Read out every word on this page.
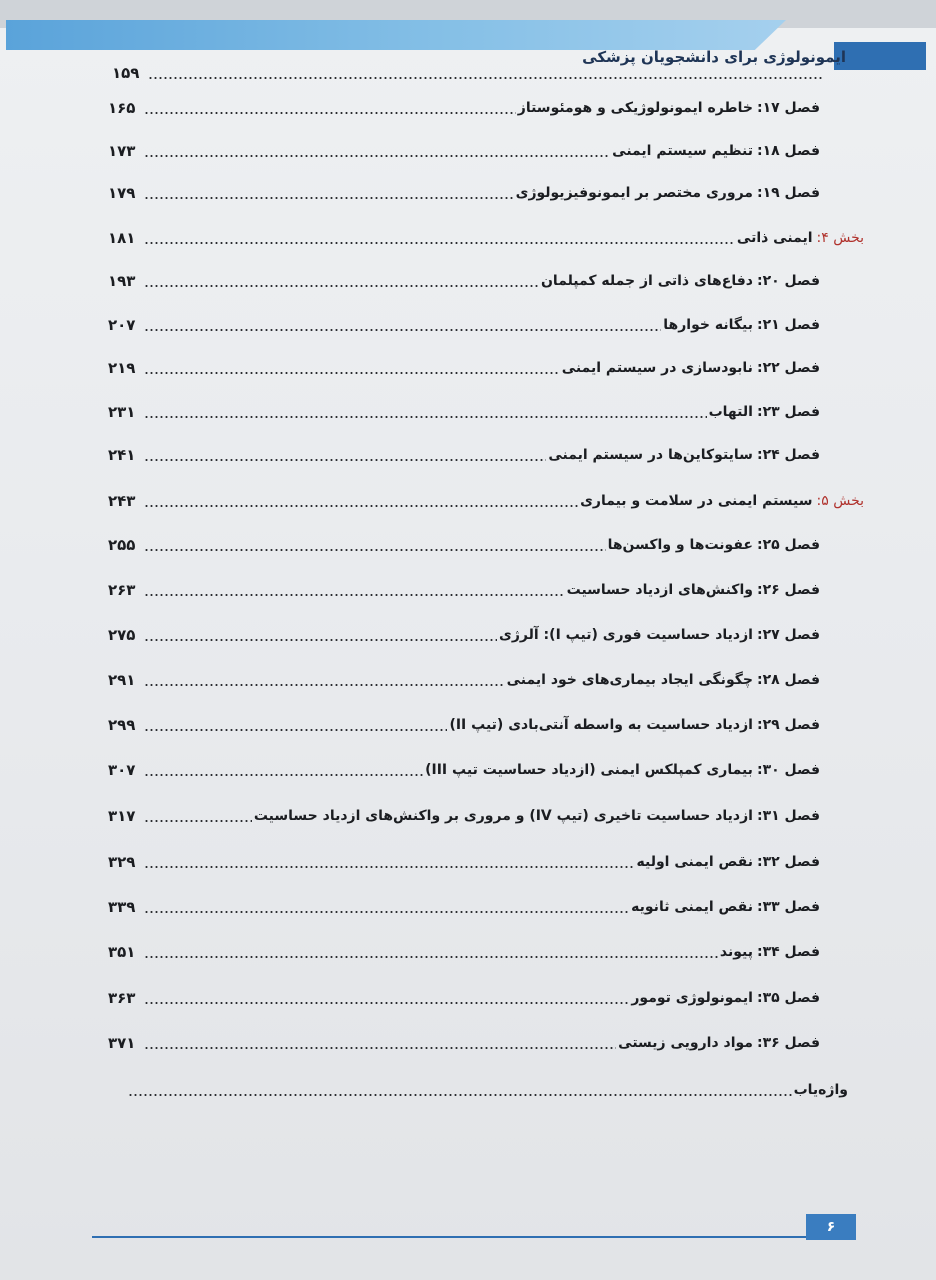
ایمونولوژی برای دانشجویان پزشکی
۱۵۹
فصل ۱۷:
خاطره ایمونولوژیکی و هومئوستاز
۱۶۵
فصل ۱۸:
تنظیم سیستم ایمنی
۱۷۳
فصل ۱۹:
مروری مختصر بر ایمونوفیزیولوژی
۱۷۹
بخش ۴:
ایمنی ذاتی
۱۸۱
فصل ۲۰:
دفاع‌های ذاتی از جمله کمپلمان
۱۹۳
فصل ۲۱:
بیگانه خوارها
۲۰۷
فصل ۲۲:
نابودسازی در سیستم ایمنی
۲۱۹
فصل ۲۳:
التهاب
۲۳۱
فصل ۲۴:
سایتوکاین‌ها در سیستم ایمنی
۲۴۱
بخش ۵:
سیستم ایمنی در سلامت و بیماری
۲۴۳
فصل ۲۵:
عفونت‌ها و واکسن‌ها
۲۵۵
فصل ۲۶:
واکنش‌های ازدیاد حساسیت
۲۶۳
فصل ۲۷:
ازدیاد حساسیت فوری (تیپ I): آلرژی
۲۷۵
فصل ۲۸:
چگونگی ایجاد بیماری‌های خود ایمنی
۲۹۱
فصل ۲۹:
ازدیاد حساسیت به واسطه آنتی‌بادی (تیپ II)
۲۹۹
فصل ۳۰:
بیماری کمپلکس ایمنی (ازدیاد حساسیت تیپ III)
۳۰۷
فصل ۳۱:
ازدیاد حساسیت تاخیری (تیپ IV) و مروری بر واکنش‌های ازدیاد حساسیت
۳۱۷
فصل ۳۲:
نقص ایمنی اولیه
۳۲۹
فصل ۳۳:
نقص ایمنی ثانویه
۳۳۹
فصل ۳۴:
پیوند
۳۵۱
فصل ۳۵:
ایمونولوژی تومور
۳۶۳
فصل ۳۶:
مواد دارویی زیستی
۳۷۱
واژه‌یاب
۶
